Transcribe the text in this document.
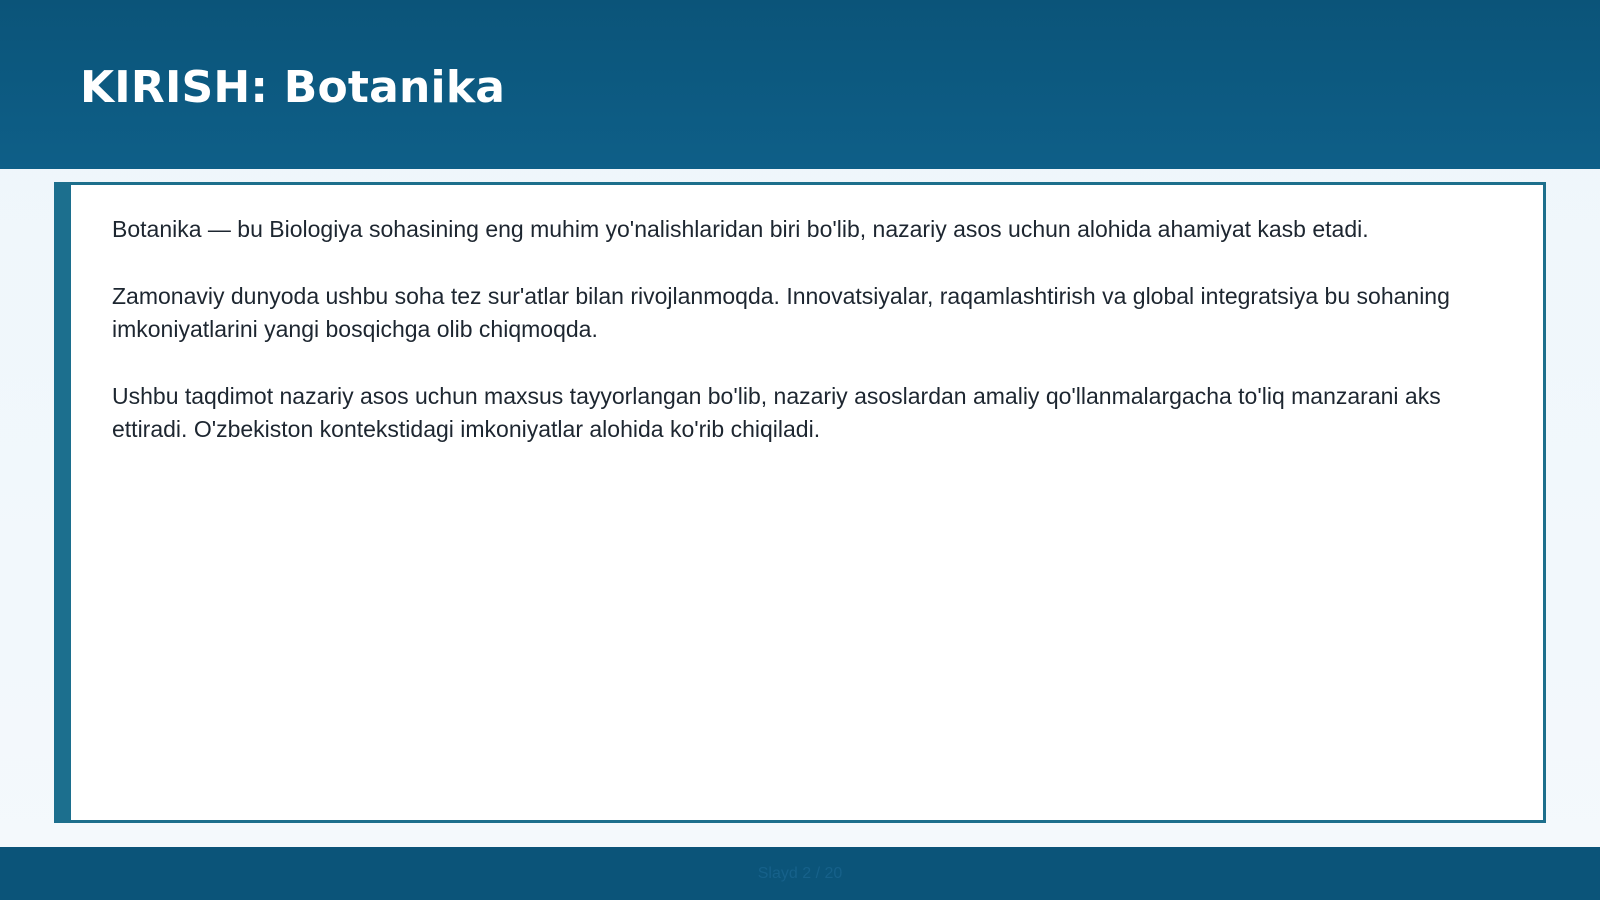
KIRISH: Botanika

Botanika — bu Biologiya sohasining eng muhim yo'nalishlaridan biri bo'lib, nazariy asos uchun alohida ahamiyat kasb etadi.

Zamonaviy dunyoda ushbu soha tez sur'atlar bilan rivojlanmoqda. Innovatsiyalar, raqamlashtirish va global integratsiya bu sohaning imkoniyatlarini yangi bosqichga olib chiqmoqda.

Ushbu taqdimot nazariy asos uchun maxsus tayyorlangan bo'lib, nazariy asoslardan amaliy qo'llanmalargacha to'liq manzarani aks ettiradi. O'zbekiston kontekstidagi imkoniyatlar alohida ko'rib chiqiladi.

Slayd 2 / 20
